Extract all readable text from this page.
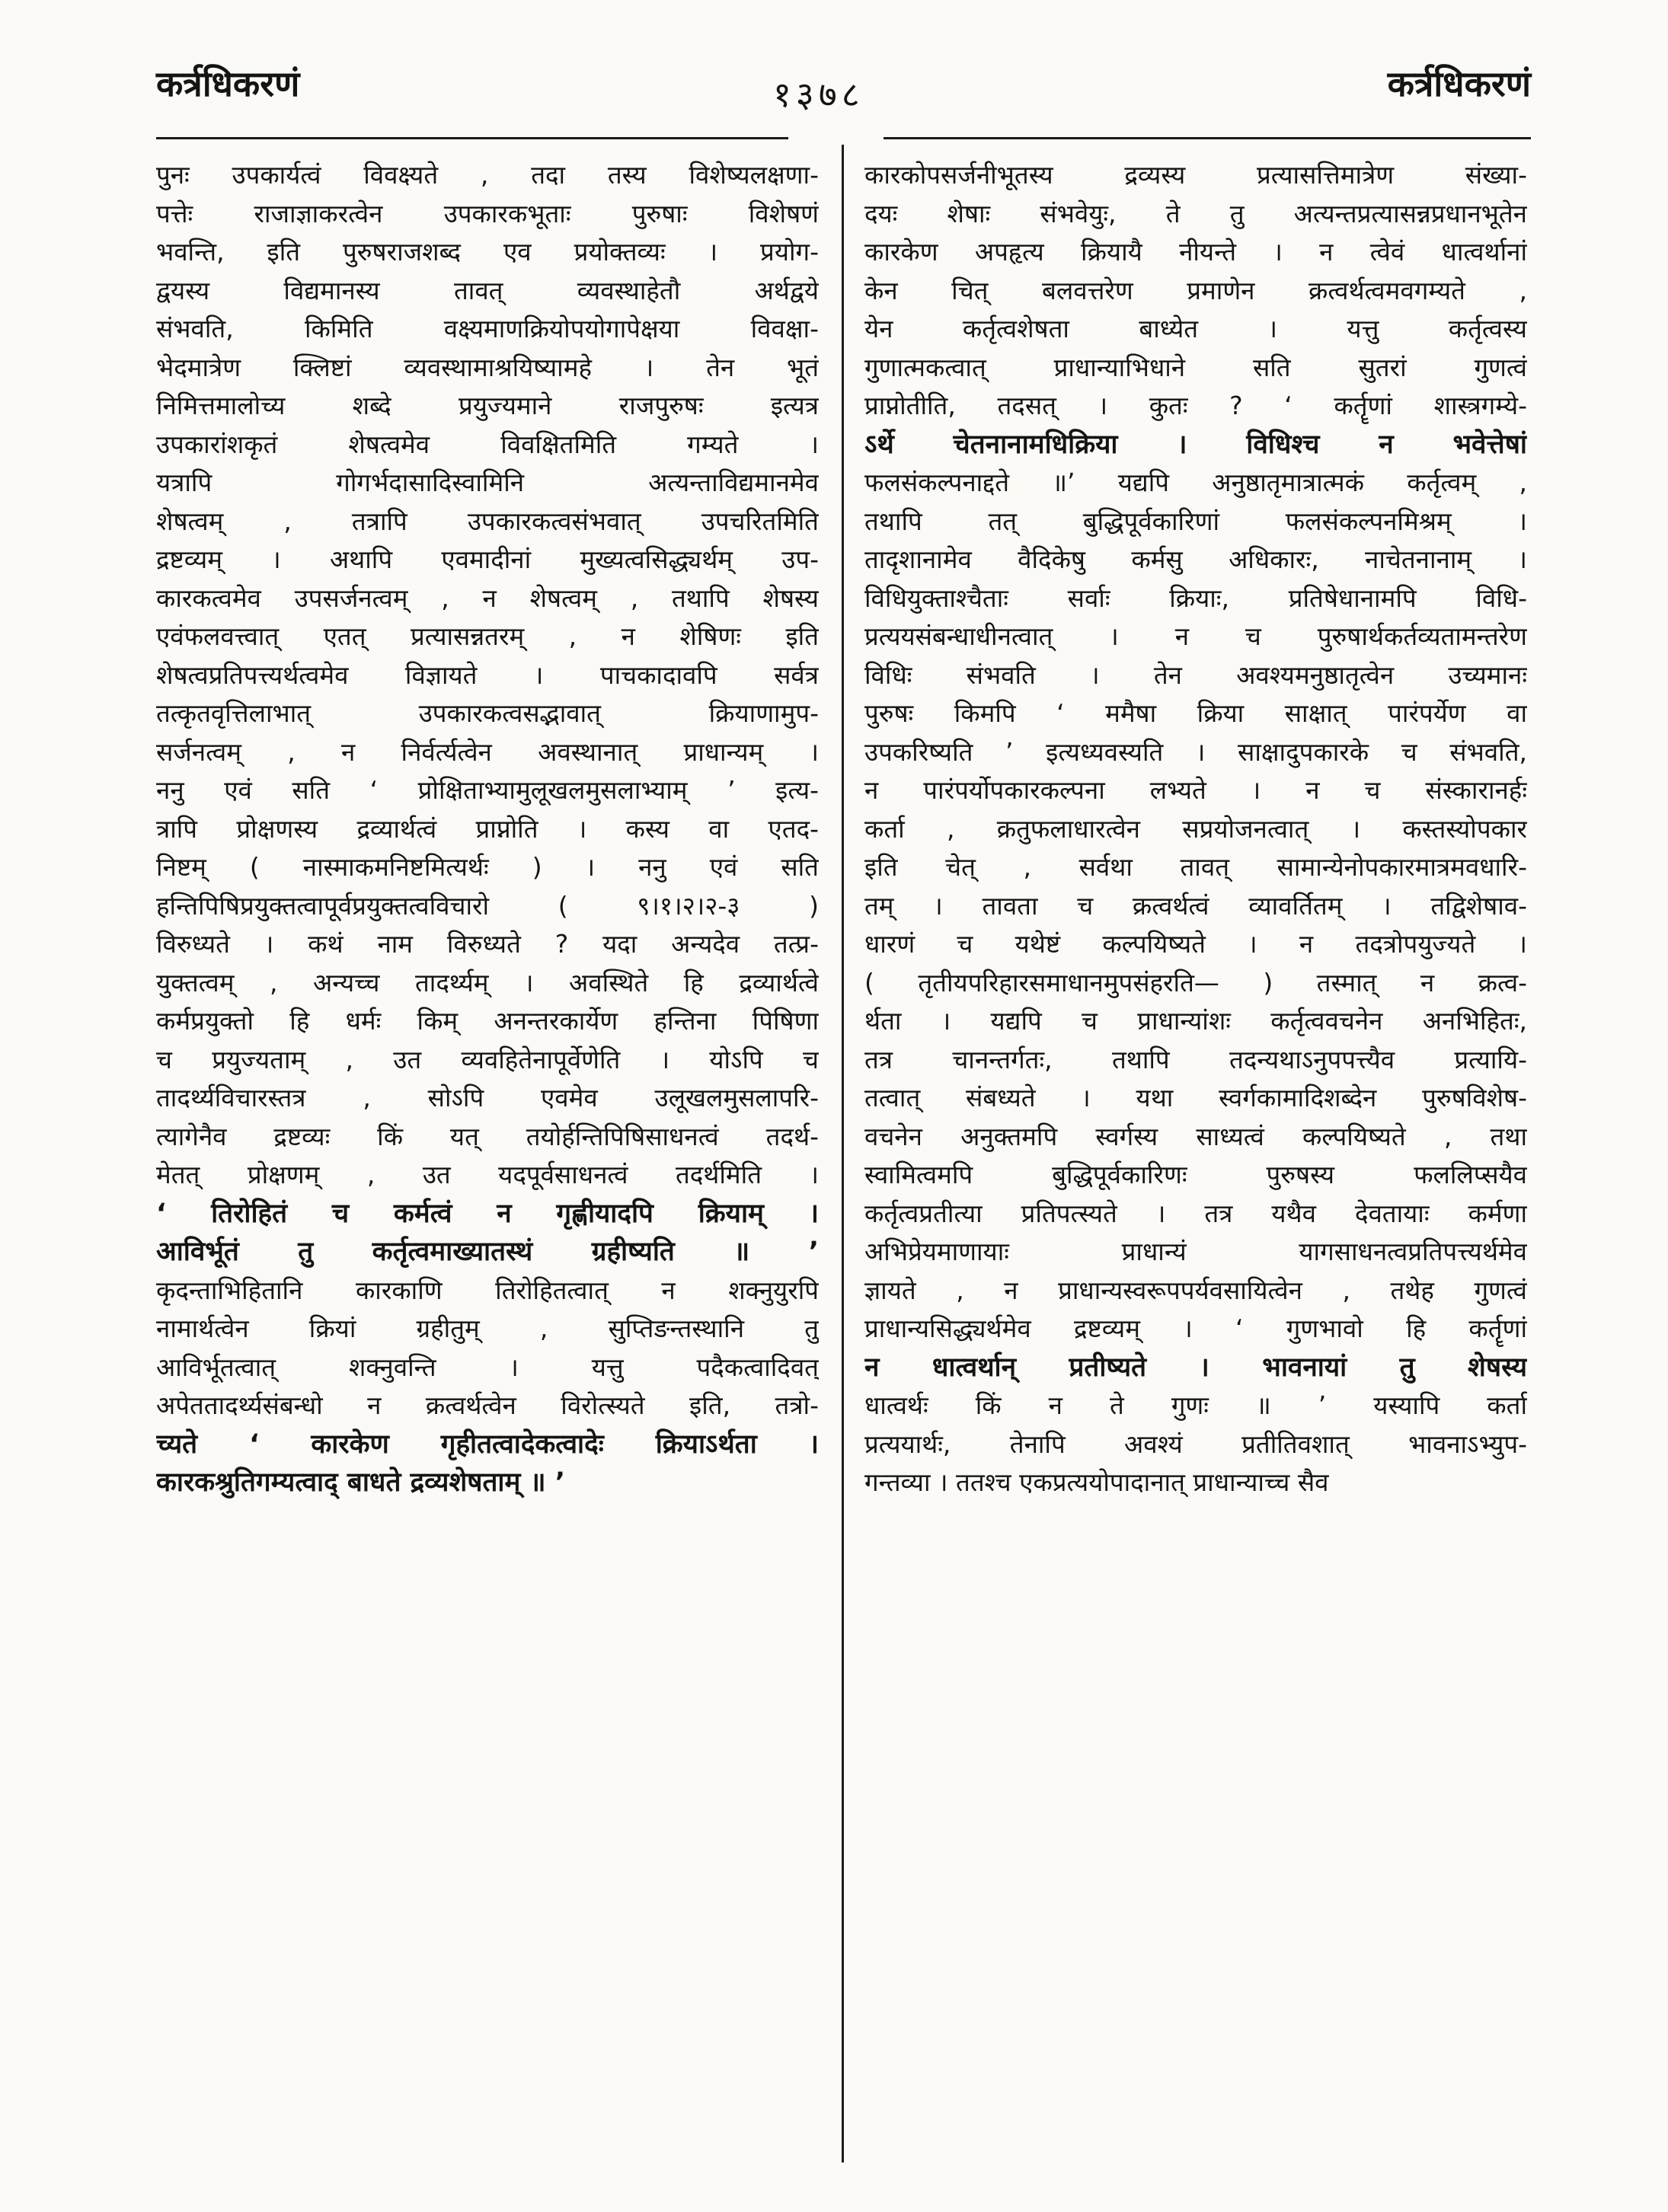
कर्त्रधिकरणं	१३७८	कर्त्रधिकरणं
पुनः उपकार्यत्वं विवक्ष्यते , तदा तस्य विशेष्यलक्षणा-
पत्तेः राजाज्ञाकरत्वेन उपकारकभूताः पुरुषाः विशेषणं
भवन्ति, इति पुरुषराजशब्द एव प्रयोक्तव्यः । प्रयोग-
द्वयस्य विद्यमानस्य तावत् व्यवस्थाहेतौ अर्थद्वये
संभवति, किमिति वक्ष्यमाणक्रियोपयोगापेक्षया विवक्षा-
भेदमात्रेण क्लिष्टां व्यवस्थामाश्रयिष्यामहे । तेन भूतं
निमित्तमालोच्य शब्दे प्रयुज्यमाने राजपुरुषः इत्यत्र
उपकारांशकृतं शेषत्वमेव विवक्षितमिति गम्यते ।
यत्रापि गोगर्भदासादिस्वामिनि अत्यन्ताविद्यमानमेव
शेषत्वम् , तत्रापि उपकारकत्वसंभवात् उपचरितमिति
द्रष्टव्यम् । अथापि एवमादीनां मुख्यत्वसिद्ध्यर्थम् उप-
कारकत्वमेव उपसर्जनत्वम् , न शेषत्वम् , तथापि शेषस्य
एवंफलवत्त्वात् एतत् प्रत्यासन्नतरम् , न शेषिणः इति
शेषत्वप्रतिपत्त्यर्थत्वमेव विज्ञायते । पाचकादावपि सर्वत्र
तत्कृतवृत्तिलाभात् उपकारकत्वसद्भावात् क्रियाणामुप-
सर्जनत्वम् , न निर्वर्त्यत्वेन अवस्थानात् प्राधान्यम् ।
ननु एवं सति ‘ प्रोक्षिताभ्यामुलूखलमुसलाभ्याम् ’ इत्य-
त्रापि प्रोक्षणस्य द्रव्यार्थत्वं प्राप्नोति । कस्य वा एतद-
निष्टम् ( नास्माकमनिष्टमित्यर्थः ) । ननु एवं सति
हन्तिपिषिप्रयुक्तत्वापूर्वप्रयुक्तत्वविचारो ( ९।१।२।२-३ )
विरुध्यते । कथं नाम विरुध्यते ? यदा अन्यदेव तत्प्र-
युक्तत्वम् , अन्यच्च तादर्थ्यम् । अवस्थिते हि द्रव्यार्थत्वे
कर्मप्रयुक्तो हि धर्मः किम् अनन्तरकार्येण हन्तिना पिषिणा
च प्रयुज्यताम् , उत व्यवहितेनापूर्वेणेति । योऽपि च
तादर्थ्यविचारस्तत्र , सोऽपि एवमेव उलूखलमुसलापरि-
त्यागेनैव द्रष्टव्यः किं यत् तयोर्हन्तिपिषिसाधनत्वं तदर्थ-
मेतत् प्रोक्षणम् , उत यदपूर्वसाधनत्वं तदर्थमिति ।
‘ तिरोहितं च कर्मत्वं न गृह्णीयादपि क्रियाम् ।
आविर्भूतं तु कर्तृत्वमाख्यातस्थं ग्रहीष्यति ॥ ’
कृदन्ताभिहितानि कारकाणि तिरोहितत्वात् न शक्नुयुरपि
नामार्थत्वेन क्रियां ग्रहीतुम् , सुप्तिङन्तस्थानि तु
आविर्भूतत्वात् शक्नुवन्ति । यत्तु पदैकत्वादिवत्
अपेततादर्थ्यसंबन्धो न क्रत्वर्थत्वेन विरोत्स्यते इति, तत्रो-
च्यते ‘ कारकेण गृहीतत्वादेकत्वादेः क्रियाऽर्थता ।
कारकश्रुतिगम्यत्वाद् बाधते द्रव्यशेषताम् ॥ ’
कारकोपसर्जनीभूतस्य द्रव्यस्य प्रत्यासत्तिमात्रेण संख्या-
दयः शेषाः संभवेयुः, ते तु अत्यन्तप्रत्यासन्नप्रधानभूतेन
कारकेण अपहृत्य क्रियायै नीयन्ते । न त्वेवं धात्वर्थानां
केन चित् बलवत्तरेण प्रमाणेन क्रत्वर्थत्वमवगम्यते ,
येन कर्तृत्वशेषता बाध्येत । यत्तु कर्तृत्वस्य
गुणात्मकत्वात् प्राधान्याभिधाने सति सुतरां गुणत्वं
प्राप्नोतीति, तदसत् । कुतः ? ‘ कर्तॄणां शास्त्रगम्ये-
ऽर्थे चेतनानामधिक्रिया । विधिश्च न भवेत्तेषां
फलसंकल्पनाद्दते ॥’ यद्यपि अनुष्ठातृमात्रात्मकं कर्तृत्वम् ,
तथापि तत् बुद्धिपूर्वकारिणां फलसंकल्पनमिश्रम् ।
तादृशानामेव वैदिकेषु कर्मसु अधिकारः, नाचेतनानाम् ।
विधियुक्ताश्चैताः सर्वाः क्रियाः, प्रतिषेधानामपि विधि-
प्रत्ययसंबन्धाधीनत्वात् । न च पुरुषार्थकर्तव्यतामन्तरेण
विधिः संभवति । तेन अवश्यमनुष्ठातृत्वेन उच्यमानः
पुरुषः किमपि ‘ ममैषा क्रिया साक्षात् पारंपर्येण वा
उपकरिष्यति ’ इत्यध्यवस्यति । साक्षादुपकारके च संभवति,
न पारंपर्योपकारकल्पना लभ्यते । न च संस्कारानर्हः
कर्ता , क्रतुफलाधारत्वेन सप्रयोजनत्वात् । कस्तस्योपकार
इति चेत् , सर्वथा तावत् सामान्येनोपकारमात्रमवधारि-
तम् । तावता च क्रत्वर्थत्वं व्यावर्तितम् । तद्विशेषाव-
धारणं च यथेष्टं कल्पयिष्यते । न तदत्रोपयुज्यते ।
( तृतीयपरिहारसमाधानमुपसंहरति— ) तस्मात् न क्रत्व-
र्थता । यद्यपि च प्राधान्यांशः कर्तृत्ववचनेन अनभिहितः,
तत्र चानन्तर्गतः, तथापि तदन्यथाऽनुपपत्त्यैव प्रत्यायि-
तत्वात् संबध्यते । यथा स्वर्गकामादिशब्देन पुरुषविशेष-
वचनेन अनुक्तमपि स्वर्गस्य साध्यत्वं कल्पयिष्यते , तथा
स्वामित्वमपि बुद्धिपूर्वकारिणः पुरुषस्य फललिप्सयैव
कर्तृत्वप्रतीत्या प्रतिपत्स्यते । तत्र यथैव देवतायाः कर्मणा
अभिप्रेयमाणायाः प्राधान्यं यागसाधनत्वप्रतिपत्त्यर्थमेव
ज्ञायते , न प्राधान्यस्वरूपपर्यवसायित्वेन , तथेह गुणत्वं
प्राधान्यसिद्ध्यर्थमेव द्रष्टव्यम् । ‘ गुणभावो हि कर्तॄणां
न धात्वर्थान् प्रतीष्यते । भावनायां तु शेषस्य
धात्वर्थः किं न ते गुणः ॥ ’ यस्यापि कर्ता
प्रत्ययार्थः, तेनापि अवश्यं प्रतीतिवशात् भावनाऽभ्युप-
गन्तव्या । ततश्च एकप्रत्ययोपादानात् प्राधान्याच्च सैव
